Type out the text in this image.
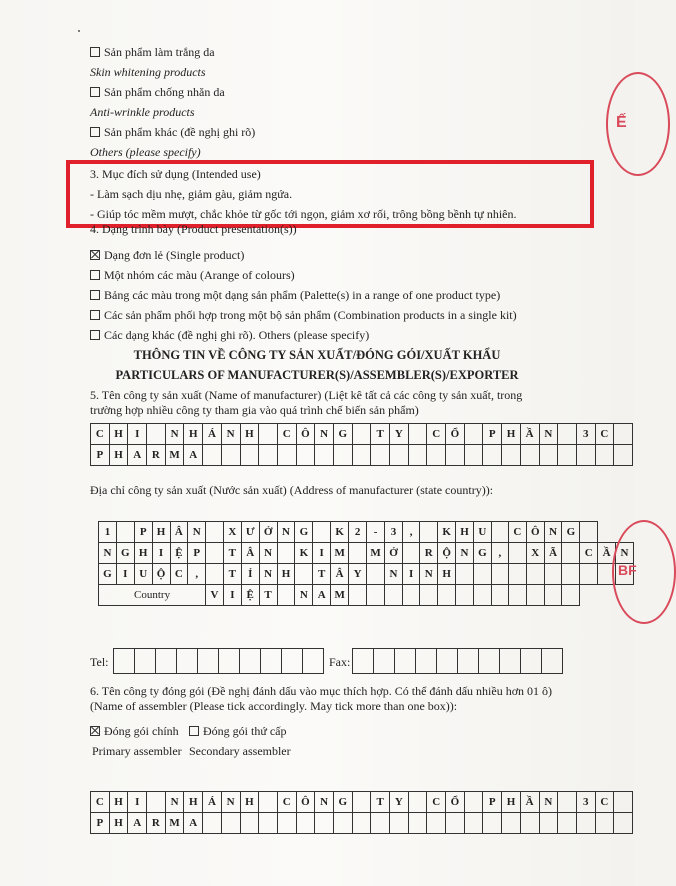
Sản phẩm làm trắng da
Skin whitening products
Sản phẩm chống nhăn da
Anti-wrinkle products
Sản phẩm khác (đề nghị ghi rõ)
Others (please specify)
3. Mục đích sử dụng (Intended use)
- Làm sạch dịu nhẹ, giảm gàu, giảm ngứa.
- Giúp tóc mềm mượt, chắc khỏe từ gốc tới ngọn, giảm xơ rối, trông bồng bềnh tự nhiên.
4. Dạng trình bày (Product presentation(s))
Dạng đơn lẻ (Single product)
Một nhóm các màu (Arange of colours)
Bảng các màu trong một dạng sản phẩm (Palette(s) in a range of one product type)
Các sản phẩm phối hợp trong một bộ sản phẩm (Combination products in a single kit)
Các dạng khác (đề nghị ghi rõ). Others (please specify)
THÔNG TIN VỀ CÔNG TY SẢN XUẤT/ĐÓNG GÓI/XUẤT KHẨU
PARTICULARS OF MANUFACTURER(S)/ASSEMBLER(S)/EXPORTER
5. Tên công ty sản xuất (Name of manufacturer) (Liệt kê tất cả các công ty sản xuất, trong
trường hợp nhiều công ty tham gia vào quá trình chế biến sản phẩm)
C	H	I		N	H	Á	N	H		C	Ô	N	G		T	Y		C	Ổ		P	H	Ầ	N		3	C	
P	H	A	R	M	A																							
Địa chỉ công ty sản xuất (Nước sản xuất) (Address of manufacturer (state country)):
1		P	H	Â	N		X	Ư	Ở	N	G		K	2	-	3	,		K	H	U		C	Ô	N	G			
N	G	H	I	Ệ	P		T	Â	N		K	I	M		M	Ở		R	Ộ	N	G	,		X	Ã		C	Ầ	N
G	I	U	Ộ	C	,		T	Ỉ	N	H		T	Â	Y		N	I	N	H										
Country						V	I	Ệ	T		N	A	M																
Tel:
										Fax:

6. Tên công ty đóng gói (Đề nghị đánh dấu vào mục thích hợp. Có thể đánh dấu nhiều hơn 01 ô)
(Name of assembler (Please tick accordingly. May tick more than one box)):
Đóng gói chính	Đóng gói thứ cấp
Primary assembler Secondary assembler
C	H	I		N	H	Á	N	H		C	Ô	N	G		T	Y		C	Ổ		P	H	Ầ	N		3	C	
P	H	A	R	M	A																							
Ế
BF
